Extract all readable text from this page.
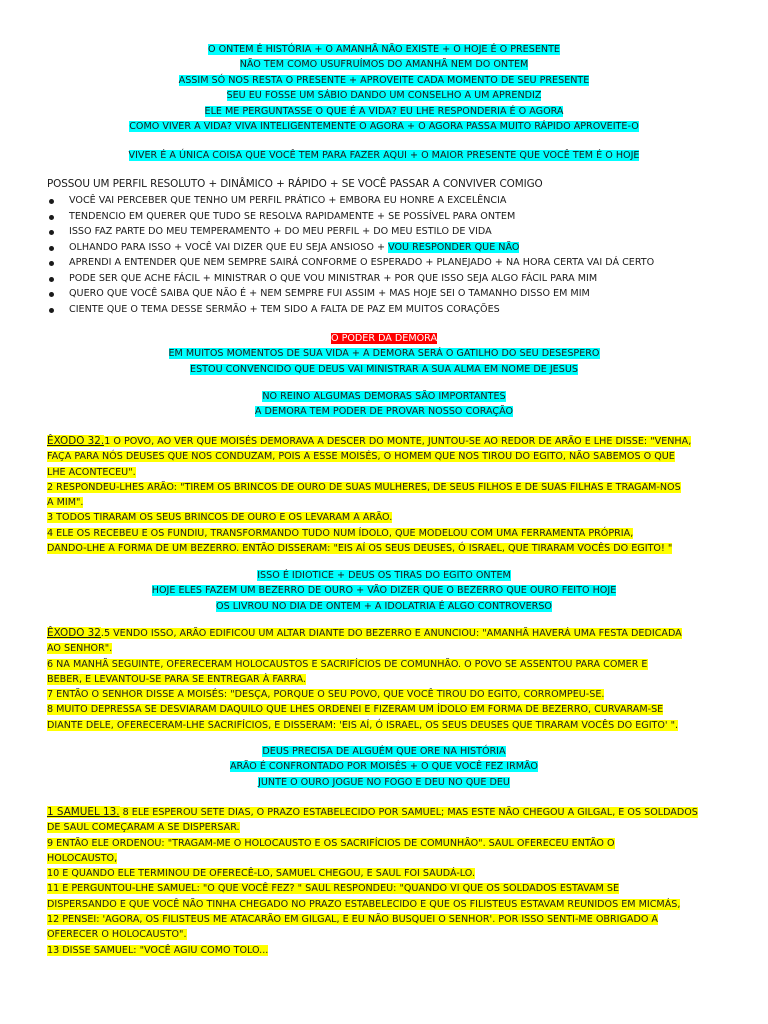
O ONTEM É HISTÓRIA + O AMANHÃ NÃO EXISTE + O HOJE É O PRESENTE
NÃO TEM COMO USUFRUÍMOS DO AMANHÃ NEM DO ONTEM
ASSIM SÓ NOS RESTA O PRESENTE + APROVEITE CADA MOMENTO DE SEU PRESENTE
SEU EU FOSSE UM SÁBIO DANDO UM CONSELHO A UM APRENDIZ
ELE ME PERGUNTASSE O QUE É A VIDA? EU LHE RESPONDERIA É O AGORA
COMO VIVER A VIDA? VIVA INTELIGENTEMENTE O AGORA + O AGORA PASSA MUITO RÁPIDO APROVEITE-O
VIVER É A ÚNICA COISA QUE VOCÊ TEM PARA FAZER AQUI + O MAIOR PRESENTE QUE VOCÊ TEM É O HOJE
POSSOU UM PERFIL RESOLUTO + DINÂMICO + RÁPIDO + SE VOCÊ PASSAR A CONVIVER COMIGO
VOCÊ VAI PERCEBER QUE TENHO UM PERFIL PRÁTICO + EMBORA EU HONRE A EXCELÊNCIA
TENDENCIO EM QUERER QUE TUDO SE RESOLVA RAPIDAMENTE + SE POSSÍVEL PARA ONTEM
ISSO FAZ PARTE DO MEU TEMPERAMENTO + DO MEU PERFIL + DO MEU ESTILO DE VIDA
OLHANDO PARA ISSO + VOCÊ VAI DIZER QUE EU SEJA ANSIOSO + VOU RESPONDER QUE NÃO
APRENDI A ENTENDER QUE NEM SEMPRE SAIRÁ CONFORME O ESPERADO + PLANEJADO + NA HORA CERTA VAI DÁ CERTO
PODE SER QUE ACHE FÁCIL + MINISTRAR O QUE VOU MINISTRAR + POR QUE ISSO SEJA ALGO FÁCIL PARA MIM
QUERO QUE VOCÊ SAIBA QUE NÃO É + NEM SEMPRE FUI ASSIM + MAS HOJE SEI O TAMANHO DISSO EM MIM
CIENTE QUE O TEMA DESSE SERMÃO + TEM SIDO A FALTA DE PAZ EM MUITOS CORAÇÕES
O PODER DA DEMORA
EM MUITOS MOMENTOS DE SUA VIDA + A DEMORA SERÁ O GATILHO DO SEU DESESPERO
ESTOU CONVENCIDO QUE DEUS VAI MINISTRAR A SUA ALMA EM NOME DE JESUS
NO REINO ALGUMAS DEMORAS SÃO IMPORTANTES
A DEMORA TEM PODER DE PROVAR NOSSO CORAÇÃO
ÊXODO 32.1 O POVO, AO VER QUE MOISÉS DEMORAVA A DESCER DO MONTE, JUNTOU-SE AO REDOR DE ARÃO E LHE DISSE: "VENHA,
FAÇA PARA NÓS DEUSES QUE NOS CONDUZAM, POIS A ESSE MOISÉS, O HOMEM QUE NOS TIROU DO EGITO, NÃO SABEMOS O QUE
LHE ACONTECEU".
2 RESPONDEU-LHES ARÃO: "TIREM OS BRINCOS DE OURO DE SUAS MULHERES, DE SEUS FILHOS E DE SUAS FILHAS E TRAGAM-NOS
A MIM".
3 TODOS TIRARAM OS SEUS BRINCOS DE OURO E OS LEVARAM A ARÃO.
4 ELE OS RECEBEU E OS FUNDIU, TRANSFORMANDO TUDO NUM ÍDOLO, QUE MODELOU COM UMA FERRAMENTA PRÓPRIA,
DANDO-LHE A FORMA DE UM BEZERRO. ENTÃO DISSERAM: "EIS AÍ OS SEUS DEUSES, Ó ISRAEL, QUE TIRARAM VOCÊS DO EGITO! "
ISSO É IDIOTICE + DEUS OS TIRAS DO EGITO ONTEM
HOJE ELES FAZEM UM BEZERRO DE OURO + VÃO DIZER QUE O BEZERRO QUE OURO FEITO HOJE
OS LIVROU NO DIA DE ONTEM + A IDOLATRIA É ALGO CONTROVERSO
ÊXODO 32.5 VENDO ISSO, ARÃO EDIFICOU UM ALTAR DIANTE DO BEZERRO E ANUNCIOU: "AMANHÃ HAVERÁ UMA FESTA DEDICADA
AO SENHOR".
6 NA MANHÃ SEGUINTE, OFERECERAM HOLOCAUSTOS E SACRIFÍCIOS DE COMUNHÃO. O POVO SE ASSENTOU PARA COMER E
BEBER, E LEVANTOU-SE PARA SE ENTREGAR À FARRA.
7 ENTÃO O SENHOR DISSE A MOISÉS: "DESÇA, PORQUE O SEU POVO, QUE VOCÊ TIROU DO EGITO, CORROMPEU-SE.
8 MUITO DEPRESSA SE DESVIARAM DAQUILO QUE LHES ORDENEI E FIZERAM UM ÍDOLO EM FORMA DE BEZERRO, CURVARAM-SE
DIANTE DELE, OFERECERAM-LHE SACRIFÍCIOS, E DISSERAM: 'EIS AÍ, Ó ISRAEL, OS SEUS DEUSES QUE TIRARAM VOCÊS DO EGITO' ".
DEUS PRECISA DE ALGUÉM QUE ORE NA HISTÓRIA
ARÃO É CONFRONTADO POR MOISÉS + O QUE VOCÊ FEZ IRMÃO
JUNTE O OURO JOGUE NO FOGO E DEU NO QUE DEU
1 SAMUEL 13. 8 ELE ESPEROU SETE DIAS, O PRAZO ESTABELECIDO POR SAMUEL; MAS ESTE NÃO CHEGOU A GILGAL, E OS SOLDADOS
DE SAUL COMEÇARAM A SE DISPERSAR.
9 ENTÃO ELE ORDENOU: "TRAGAM-ME O HOLOCAUSTO E OS SACRIFÍCIOS DE COMUNHÃO". SAUL OFERECEU ENTÃO O
HOLOCAUSTO,
10 E QUANDO ELE TERMINOU DE OFERECÊ-LO, SAMUEL CHEGOU, E SAUL FOI SAUDÁ-LO.
11 E PERGUNTOU-LHE SAMUEL: "O QUE VOCÊ FEZ? " SAUL RESPONDEU: "QUANDO VI QUE OS SOLDADOS ESTAVAM SE
DISPERSANDO E QUE VOCÊ NÃO TINHA CHEGADO NO PRAZO ESTABELECIDO E QUE OS FILISTEUS ESTAVAM REUNIDOS EM MICMÁS,
12 PENSEI: 'AGORA, OS FILISTEUS ME ATACARÃO EM GILGAL, E EU NÃO BUSQUEI O SENHOR'. POR ISSO SENTI-ME OBRIGADO A
OFERECER O HOLOCAUSTO".
13 DISSE SAMUEL: "VOCÊ AGIU COMO TOLO...
